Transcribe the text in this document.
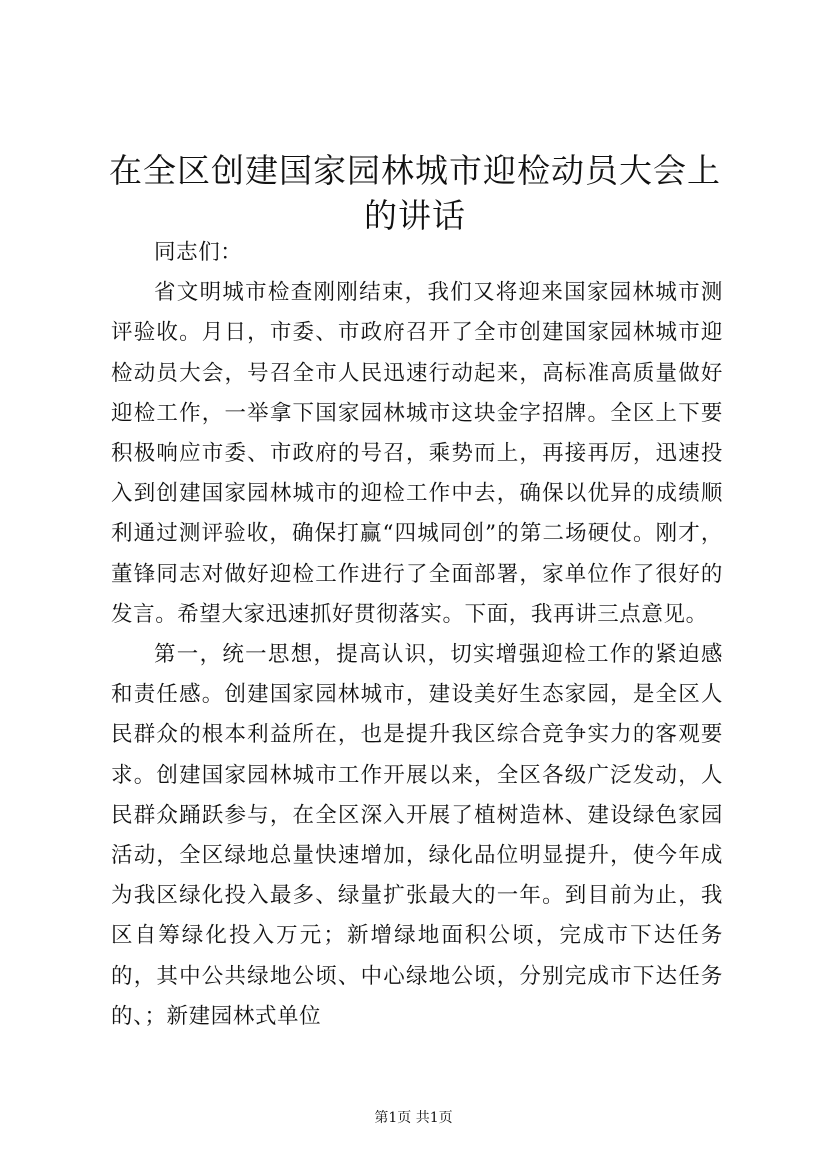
在全区创建国家园林城市迎检动员大会上的讲话

同志们：

省文明城市检查刚刚结束，我们又将迎来国家园林城市测评验收。月日，市委、市政府召开了全市创建国家园林城市迎检动员大会，号召全市人民迅速行动起来，高标准高质量做好迎检工作，一举拿下国家园林城市这块金字招牌。全区上下要积极响应市委、市政府的号召，乘势而上，再接再厉，迅速投入到创建国家园林城市的迎检工作中去，确保以优异的成绩顺利通过测评验收，确保打赢“四城同创”的第二场硬仗。刚才，董锋同志对做好迎检工作进行了全面部署，家单位作了很好的发言。希望大家迅速抓好贯彻落实。下面，我再讲三点意见。

第一，统一思想，提高认识，切实增强迎检工作的紧迫感和责任感。创建国家园林城市，建设美好生态家园，是全区人民群众的根本利益所在，也是提升我区综合竞争实力的客观要求。创建国家园林城市工作开展以来，全区各级广泛发动，人民群众踊跃参与，在全区深入开展了植树造林、建设绿色家园活动，全区绿地总量快速增加，绿化品位明显提升，使今年成为我区绿化投入最多、绿量扩张最大的一年。到目前为止，我区自筹绿化投入万元；新增绿地面积公顷，完成市下达任务的，其中公共绿地公顷、中心绿地公顷，分别完成市下达任务的、；新建园林式单位

第1页 共1页
